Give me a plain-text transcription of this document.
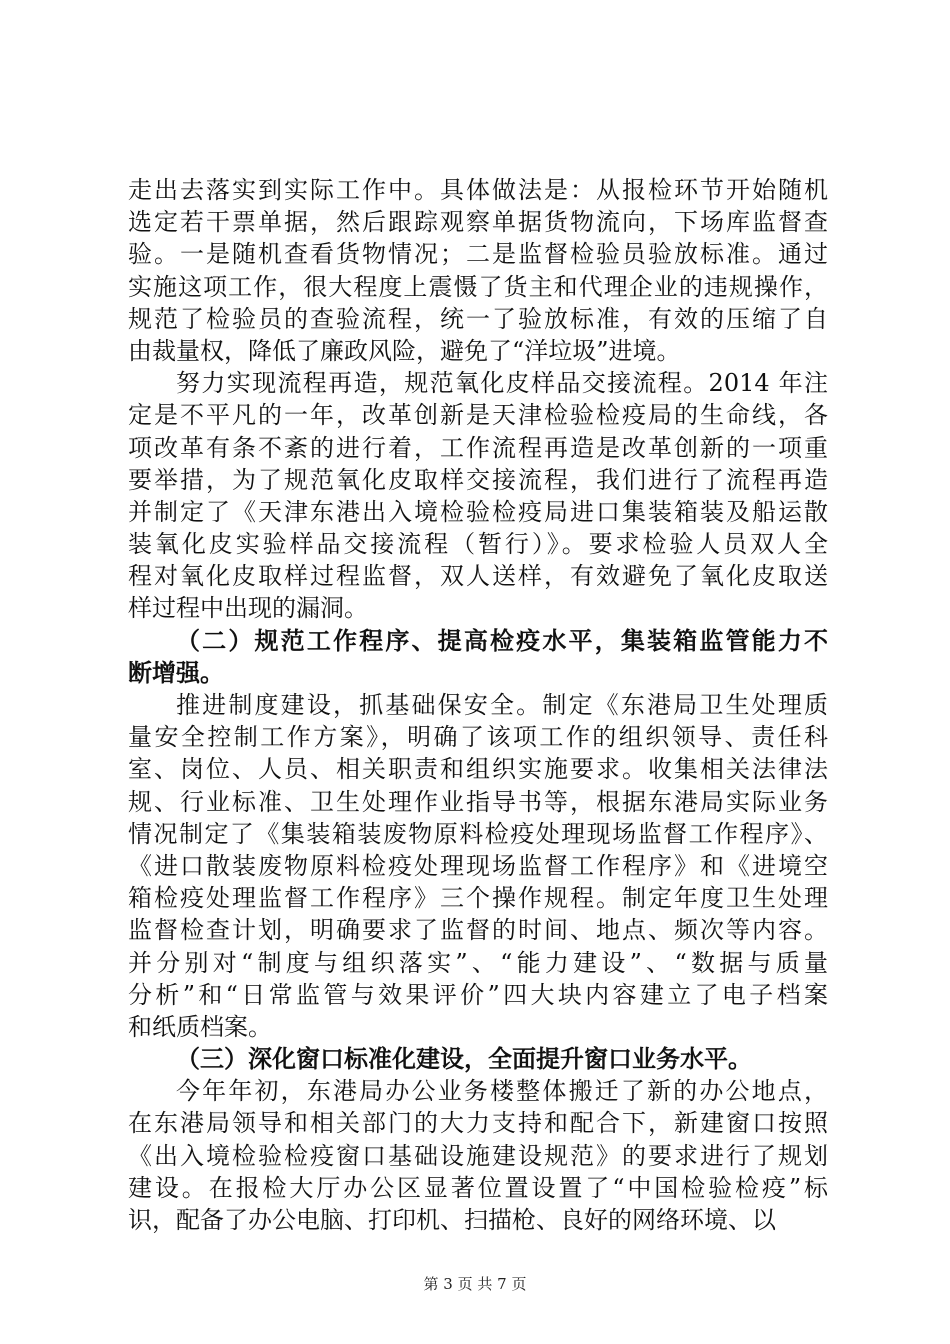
走出去落实到实际工作中。具体做法是：从报检环节开始随机
选定若干票单据，然后跟踪观察单据货物流向，下场库监督查
验。一是随机查看货物情况；二是监督检验员验放标准。通过
实施这项工作，很大程度上震慑了货主和代理企业的违规操作，
规范了检验员的查验流程，统一了验放标准，有效的压缩了自
由裁量权，降低了廉政风险，避免了“洋垃圾”进境。
努力实现流程再造，规范氧化皮样品交接流程。2014 年注
定是不平凡的一年，改革创新是天津检验检疫局的生命线，各
项改革有条不紊的进行着，工作流程再造是改革创新的一项重
要举措，为了规范氧化皮取样交接流程，我们进行了流程再造
并制定了《天津东港出入境检验检疫局进口集装箱装及船运散
装氧化皮实验样品交接流程（暂行）》。要求检验人员双人全
程对氧化皮取样过程监督，双人送样，有效避免了氧化皮取送
样过程中出现的漏洞。
（二）规范工作程序、提高检疫水平，集装箱监管能力不
断增强。
推进制度建设，抓基础保安全。制定《东港局卫生处理质
量安全控制工作方案》，明确了该项工作的组织领导、责任科
室、岗位、人员、相关职责和组织实施要求。收集相关法律法
规、行业标准、卫生处理作业指导书等，根据东港局实际业务
情况制定了《集装箱装废物原料检疫处理现场监督工作程序》、
《进口散装废物原料检疫处理现场监督工作程序》和《进境空
箱检疫处理监督工作程序》三个操作规程。制定年度卫生处理
监督检查计划，明确要求了监督的时间、地点、频次等内容。
并分别对“制度与组织落实”、“能力建设”、“数据与质量
分析”和“日常监管与效果评价”四大块内容建立了电子档案
和纸质档案。
（三）深化窗口标准化建设，全面提升窗口业务水平。
今年年初，东港局办公业务楼整体搬迁了新的办公地点，
在东港局领导和相关部门的大力支持和配合下，新建窗口按照
《出入境检验检疫窗口基础设施建设规范》的要求进行了规划
建设。在报检大厅办公区显著位置设置了“中国检验检疫”标
识，配备了办公电脑、打印机、扫描枪、良好的网络环境、以
第 3 页 共 7 页
